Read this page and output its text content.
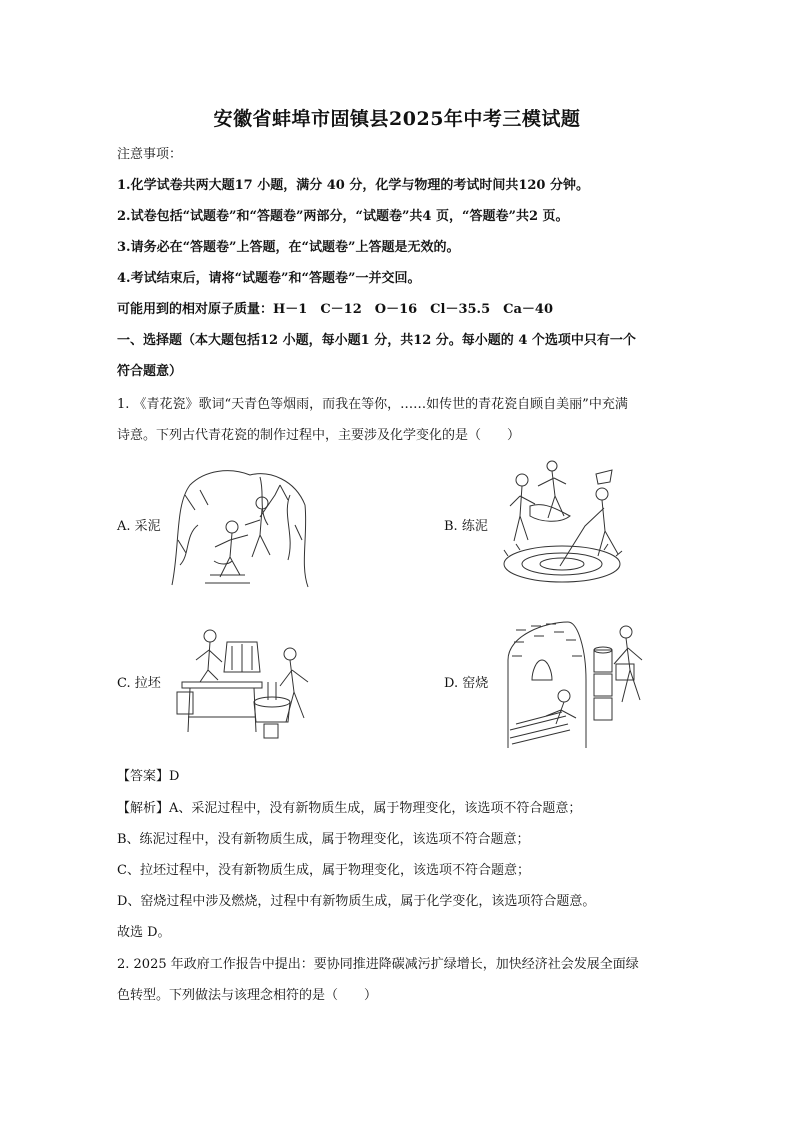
安徽省蚌埠市固镇县2025年中考三模试题
注意事项：
1.化学试卷共两大题17 小题，满分 40 分，化学与物理的考试时间共120 分钟。
2.试卷包括“试题卷”和“答题卷”两部分，“试题卷”共4 页，“答题卷”共2 页。
3.请务必在“答题卷”上答题，在“试题卷”上答题是无效的。
4.考试结束后，请将“试题卷”和“答题卷”一并交回。
可能用到的相对原子质量：H－1　C－12　O－16　Cl－35.5　Ca－40
一、选择题（本大题包括12 小题，每小题1 分，共12 分。每小题的 4 个选项中只有一个
符合题意）
1. 《青花瓷》歌词“天青色等烟雨，而我在等你，……如传世的青花瓷自顾自美丽”中充满
诗意。下列古代青花瓷的制作过程中，主要涉及化学变化的是（　　）
A. 采泥	B. 练泥
C. 拉坯	D. 窑烧
【答案】D
【解析】A、采泥过程中，没有新物质生成，属于物理变化，该选项不符合题意；
B、练泥过程中，没有新物质生成，属于物理变化，该选项不符合题意；
C、拉坯过程中，没有新物质生成，属于物理变化，该选项不符合题意；
D、窑烧过程中涉及燃烧，过程中有新物质生成，属于化学变化，该选项符合题意。
故选 D。
2. 2025 年政府工作报告中提出：要协同推进降碳减污扩绿增长，加快经济社会发展全面绿
色转型。下列做法与该理念相符的是（　　）
